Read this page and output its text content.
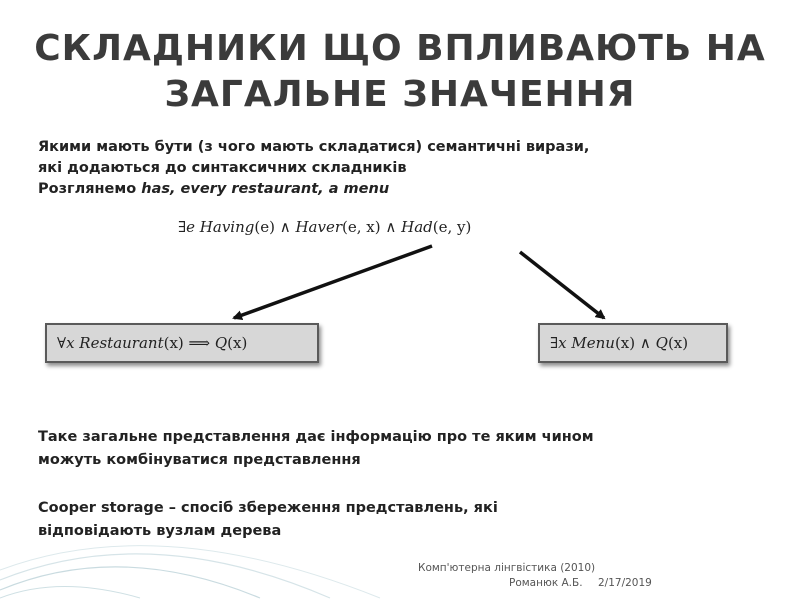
СКЛАДНИКИ ЩО ВПЛИВАЮТЬ НА
ЗАГАЛЬНЕ ЗНАЧЕННЯ
Якими мають бути (з чого мають складатися) семантичні вирази,
які додаються до синтаксичних складників
Розглянемо has, every restaurant, a menu
∃e Having(e) ∧ Haver(e, x) ∧ Had(e, y)
∀x Restaurant(x) ⟹ Q(x)	∃x Menu(x) ∧ Q(x)
Таке загальне представлення дає інформацію про те яким чином
можуть комбінуватися представлення
Cooper storage – спосіб збереження представлень, які
відповідають вузлам дерева
Комп'ютерна лінгвістика (2010)
Романюк А.Б. 2/17/2019
